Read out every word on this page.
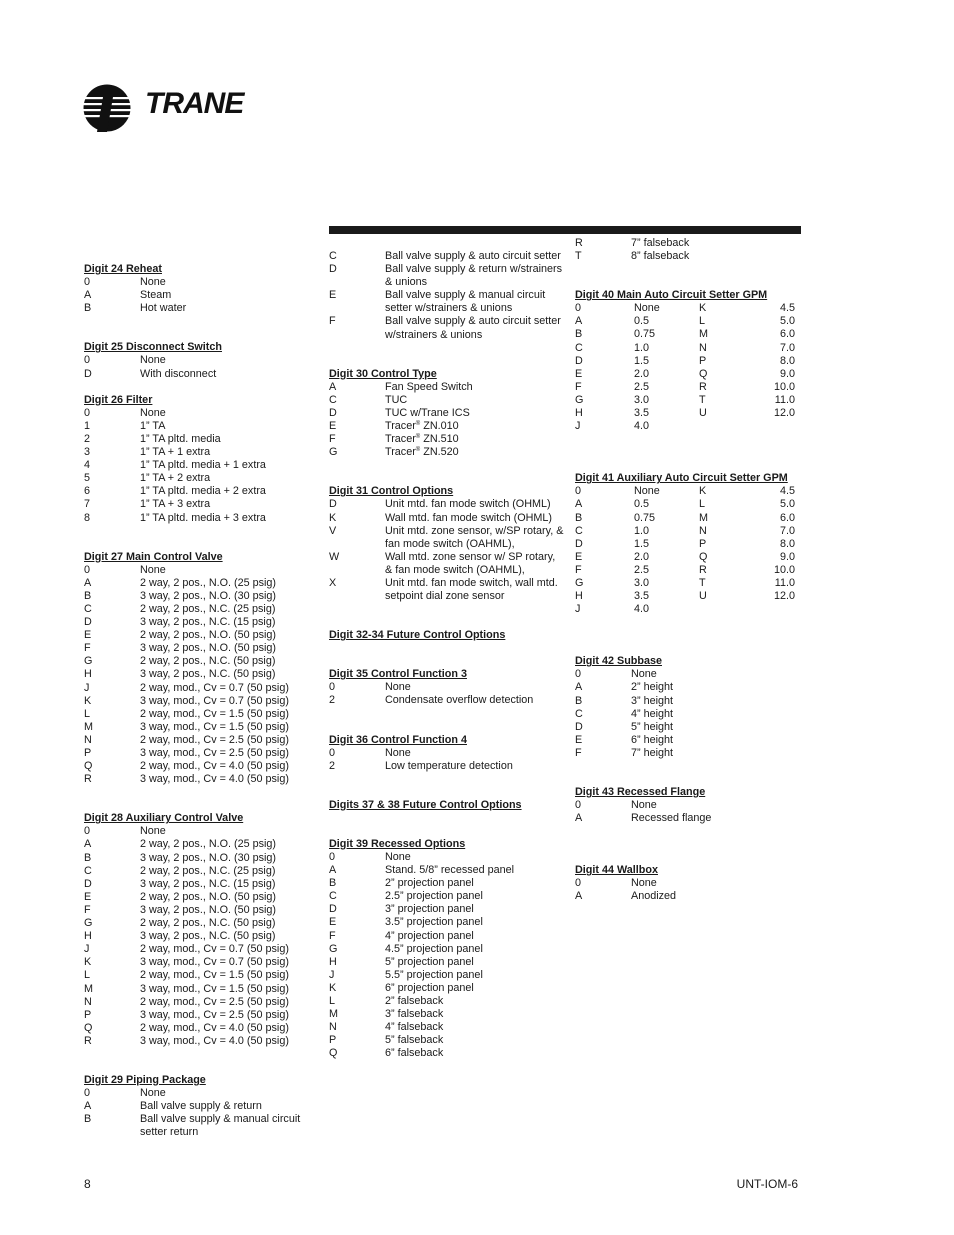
TRANE
Digit 24 Reheat
0	None
A	Steam
B	Hot water
Digit 25 Disconnect Switch
0	None
D	With disconnect
Digit 26 Filter
0	None
1	1” TA
2	1” TA pltd. media
3	1” TA + 1 extra
4	1” TA pltd. media + 1 extra
5	1” TA + 2 extra
6	1” TA pltd. media + 2 extra
7	1” TA + 3 extra
8	1” TA pltd. media + 3 extra
Digit 27 Main Control Valve
0	None
A	2 way, 2 pos., N.O. (25 psig)
B	3 way, 2 pos., N.O. (30 psig)
C	2 way, 2 pos., N.C. (25 psig)
D	3 way, 2 pos., N.C. (15 psig)
E	2 way, 2 pos., N.O. (50 psig)
F	3 way, 2 pos., N.O. (50 psig)
G	2 way, 2 pos., N.C. (50 psig)
H	3 way, 2 pos., N.C. (50 psig)
J	2 way, mod., Cv = 0.7 (50 psig)
K	3 way, mod., Cv = 0.7 (50 psig)
L	2 way, mod., Cv = 1.5 (50 psig)
M	3 way, mod., Cv = 1.5 (50 psig)
N	2 way, mod., Cv = 2.5 (50 psig)
P	3 way, mod., Cv = 2.5 (50 psig)
Q	2 way, mod., Cv = 4.0 (50 psig)
R	3 way, mod., Cv = 4.0 (50 psig)
Digit 28 Auxiliary Control Valve
0	None
A	2 way, 2 pos., N.O. (25 psig)
B	3 way, 2 pos., N.O. (30 psig)
C	2 way, 2 pos., N.C. (25 psig)
D	3 way, 2 pos., N.C. (15 psig)
E	2 way, 2 pos., N.O. (50 psig)
F	3 way, 2 pos., N.O. (50 psig)
G	2 way, 2 pos., N.C. (50 psig)
H	3 way, 2 pos., N.C. (50 psig)
J	2 way, mod., Cv = 0.7 (50 psig)
K	3 way, mod., Cv = 0.7 (50 psig)
L	2 way, mod., Cv = 1.5 (50 psig)
M	3 way, mod., Cv = 1.5 (50 psig)
N	2 way, mod., Cv = 2.5 (50 psig)
P	3 way, mod., Cv = 2.5 (50 psig)
Q	2 way, mod., Cv = 4.0 (50 psig)
R	3 way, mod., Cv = 4.0 (50 psig)
Digit 29 Piping Package
0	None
A	Ball valve supply & return
B	Ball valve supply & manual circuit setter return
C	Ball valve supply & auto circuit setter
D	Ball valve supply & return w/strainers & unions
E	Ball valve supply & manual circuit setter w/strainers & unions
F	Ball valve supply & auto circuit setter w/strainers & unions
Digit 30 Control Type
A	Fan Speed Switch
C	TUC
D	TUC w/Trane ICS
E	Tracer® ZN.010
F	Tracer® ZN.510
G	Tracer® ZN.520
Digit 31 Control Options
D	Unit mtd. fan mode switch (OHML)
K	Wall mtd. fan mode switch (OHML)
V	Unit mtd. zone sensor, w/SP rotary, & fan mode switch (OAHML),
W	Wall mtd. zone sensor w/ SP rotary, & fan mode switch (OAHML),
X	Unit mtd. fan mode switch, wall mtd. setpoint dial zone sensor
Digit 32-34 Future Control Options
Digit 35 Control Function 3
0	None
2	Condensate overflow detection
Digit 36 Control Function 4
0	None
2	Low temperature detection
Digits 37 & 38 Future Control Options
Digit 39 Recessed Options
0	None
A	Stand. 5/8” recessed panel
B	2” projection panel
C	2.5” projection panel
D	3” projection panel
E	3.5” projection panel
F	4” projection panel
G	4.5” projection panel
H	5” projection panel
J	5.5” projection panel
K	6” projection panel
L	2” falseback
M	3” falseback
N	4” falseback
P	5” falseback
Q	6” falseback
R	7” falseback
T	8” falseback
Digit 40 Main Auto Circuit Setter GPM
0	None	K	4.5
A	0.5	L	5.0
B	0.75	M	6.0
C	1.0	N	7.0
D	1.5	P	8.0
E	2.0	Q	9.0
F	2.5	R	10.0
G	3.0	T	11.0
H	3.5	U	12.0
J	4.0
Digit 41 Auxiliary Auto Circuit Setter GPM
0	None	K	4.5
A	0.5	L	5.0
B	0.75	M	6.0
C	1.0	N	7.0
D	1.5	P	8.0
E	2.0	Q	9.0
F	2.5	R	10.0
G	3.0	T	11.0
H	3.5	U	12.0
J	4.0
Digit 42 Subbase
0	None
A	2” height
B	3” height
C	4” height
D	5” height
E	6” height
F	7” height
Digit 43 Recessed Flange
0	None
A	Recessed flange
Digit 44 Wallbox
0	None
A	Anodized
8	UNT-IOM-6
